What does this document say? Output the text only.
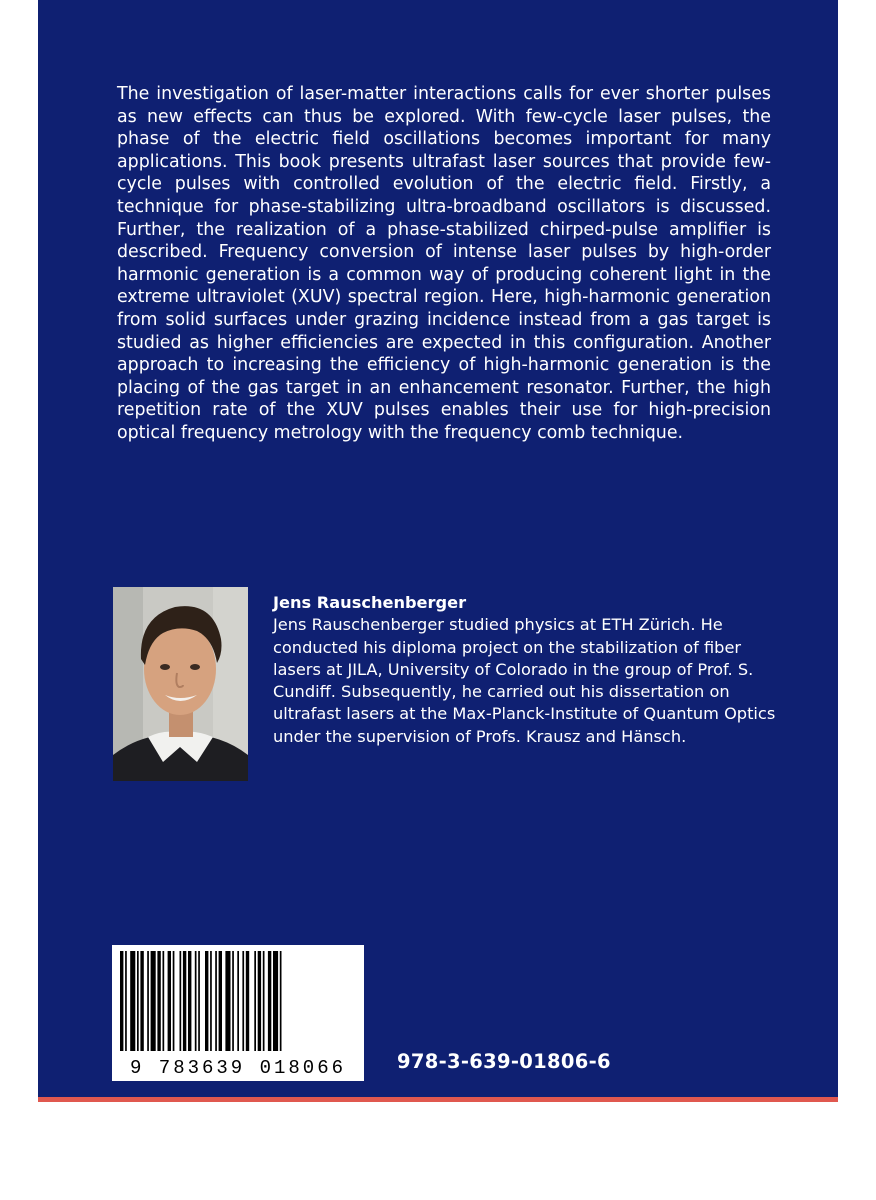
The investigation of laser-matter interactions calls for ever shorter pulses as new effects can thus be explored. With few-cycle laser pulses, the phase of the electric field oscillations becomes important for many applications. This book presents ultrafast laser sources that provide few-cycle pulses with controlled evolution of the electric field. Firstly, a technique for phase-stabilizing ultra-broadband oscillators is discussed. Further, the realization of a phase-stabilized chirped-pulse amplifier is described. Frequency conversion of intense laser pulses by high-order harmonic generation is a common way of producing coherent light in the extreme ultraviolet (XUV) spectral region. Here, high-harmonic generation from solid surfaces under grazing incidence instead from a gas target is studied as higher efficiencies are expected in this configuration. Another approach to increasing the efficiency of high-harmonic generation is the placing of the gas target in an enhancement resonator. Further, the high repetition rate of the XUV pulses enables their use for high-precision optical frequency metrology with the frequency comb technique.

Jens Rauschenberger

Jens Rauschenberger studied physics at ETH Zürich. He conducted his diploma project on the stabilization of fiber lasers at JILA, University of Colorado in the group of Prof. S. Cundiff. Subsequently, he carried out his dissertation on ultrafast lasers at the Max-Planck-Institute of Quantum Optics under the supervision of Profs. Krausz and Hänsch.

9 783639 018066	978-3-639-01806-6
